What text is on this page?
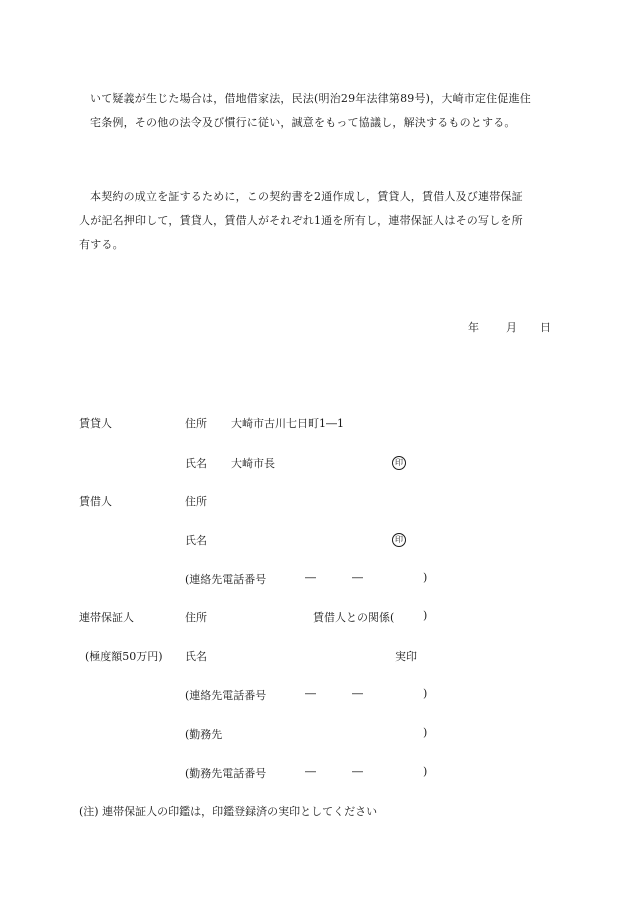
いて疑義が生じた場合は，借地借家法，民法(明治29年法律第89号)，大崎市定住促進住
宅条例，その他の法令及び慣行に従い，誠意をもって協議し，解決するものとする。
本契約の成立を証するために，この契約書を2通作成し，賃貸人，賃借人及び連帯保証
人が記名押印して，賃貸人，賃借人がそれぞれ1通を所有し，連帯保証人はその写しを所
有する。
年 月 日
賃貸人	住所 大崎市古川七日町1―1
氏名 大崎市長	印
賃借人	住所
氏名	印
(連絡先電話番号	―	―	)
連帯保証人	住所	賃借人との関係(	)
(極度額50万円) 氏名	実印
(連絡先電話番号	―	―	)
(勤務先	)
(勤務先電話番号	―	―	)
(注) 連帯保証人の印鑑は，印鑑登録済の実印としてください
